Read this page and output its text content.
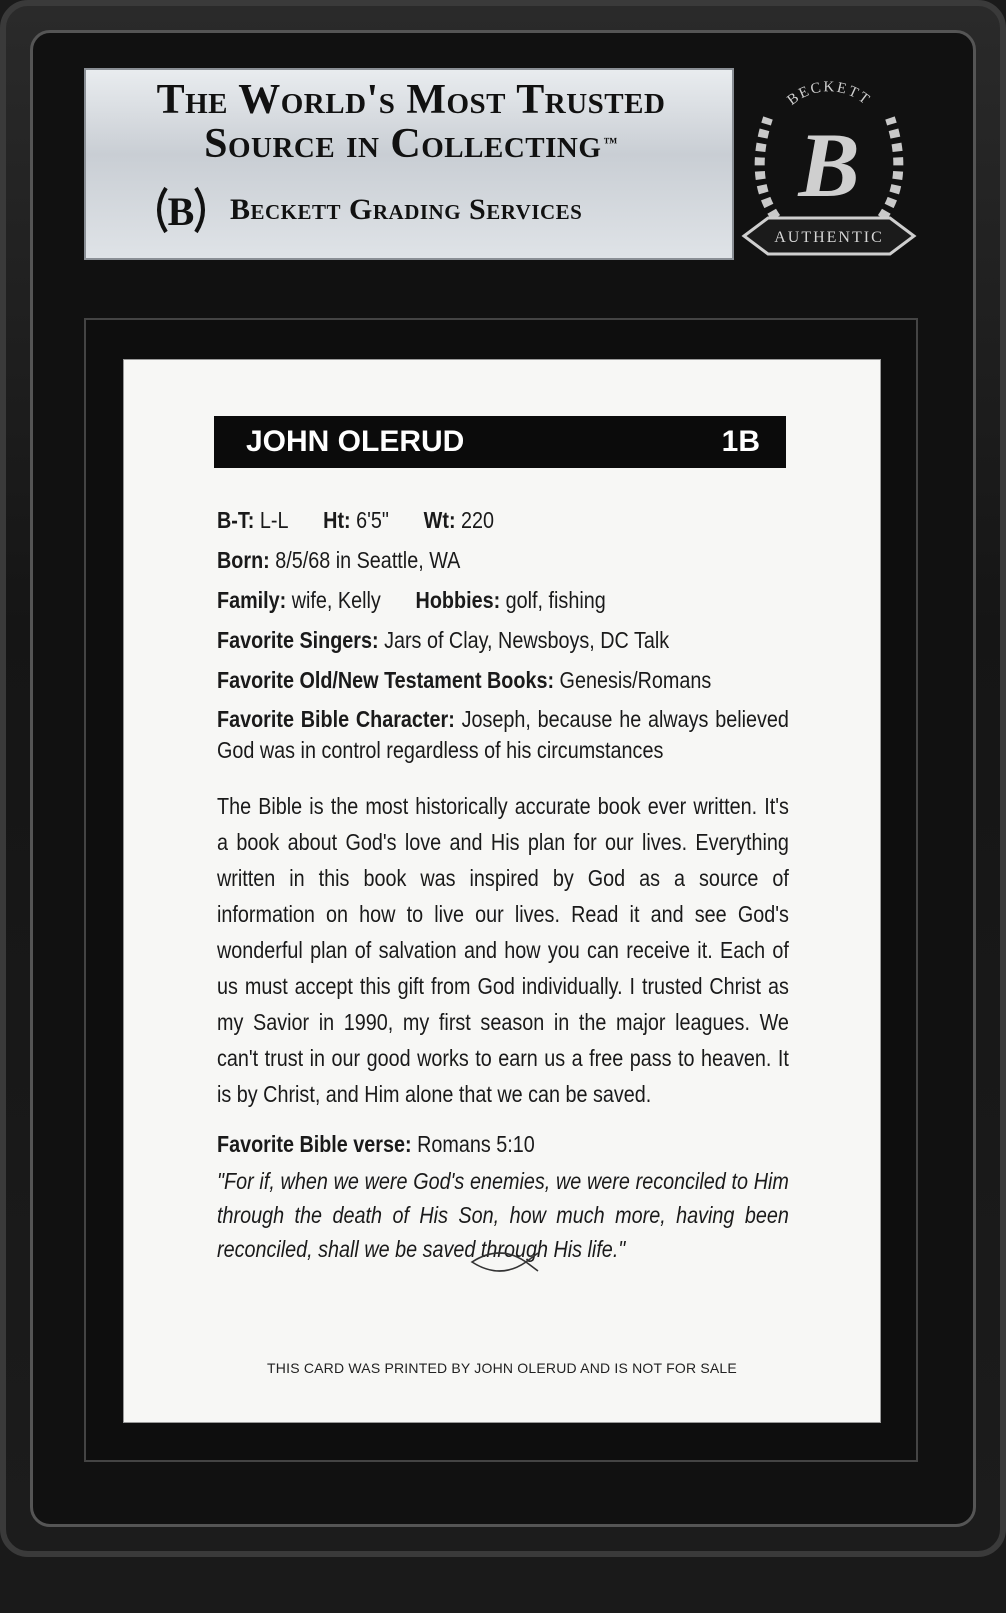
The World's Most Trusted
Source in Collecting ™
B Beckett Grading Services
BECKETT
B
AUTHENTIC
JOHN OLERUD	1B
B-T: L-L Ht: 6'5" Wt: 220
Born: 8/5/68 in Seattle, WA
Family: wife, Kelly Hobbies: golf, fishing
Favorite Singers: Jars of Clay, Newsboys, DC Talk
Favorite Old/New Testament Books: Genesis/Romans
Favorite Bible Character: Joseph, because he always believed God was in control regardless of his circumstances
The Bible is the most historically accurate book ever written. It's a book about God's love and His plan for our lives. Everything written in this book was inspired by God as a source of information on how to live our lives. Read it and see God's wonderful plan of salvation and how you can receive it. Each of us must accept this gift from God individually. I trusted Christ as my Savior in 1990, my first season in the major leagues. We can't trust in our good works to earn us a free pass to heaven. It is by Christ, and Him alone that we can be saved.
Favorite Bible verse: Romans 5:10
"For if, when we were God's enemies, we were reconciled to Him through the death of His Son, how much more, having been reconciled, shall we be saved through His life."
THIS CARD WAS PRINTED BY JOHN OLERUD AND IS NOT FOR SALE
